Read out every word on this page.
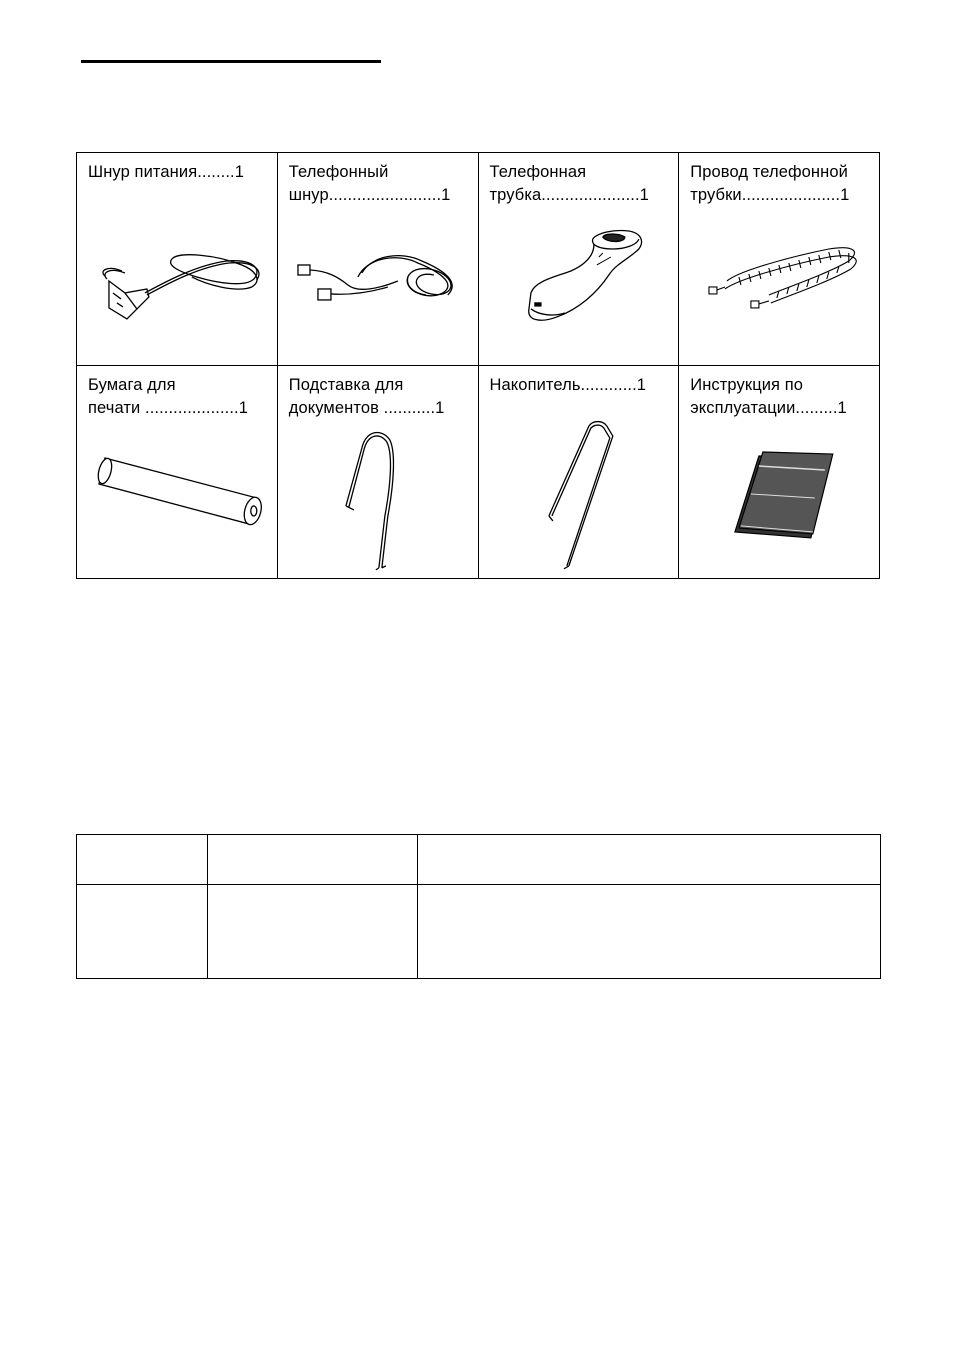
Шнур питания........1	Телефонный
шнур........................1	Телефонная
трубка.....................1	Провод телефонной
трубки.....................1

Бумага для
печати ....................1	Подставка для
документов ...........1	Накопитель............1	Инструкция по
эксплуатации.........1
